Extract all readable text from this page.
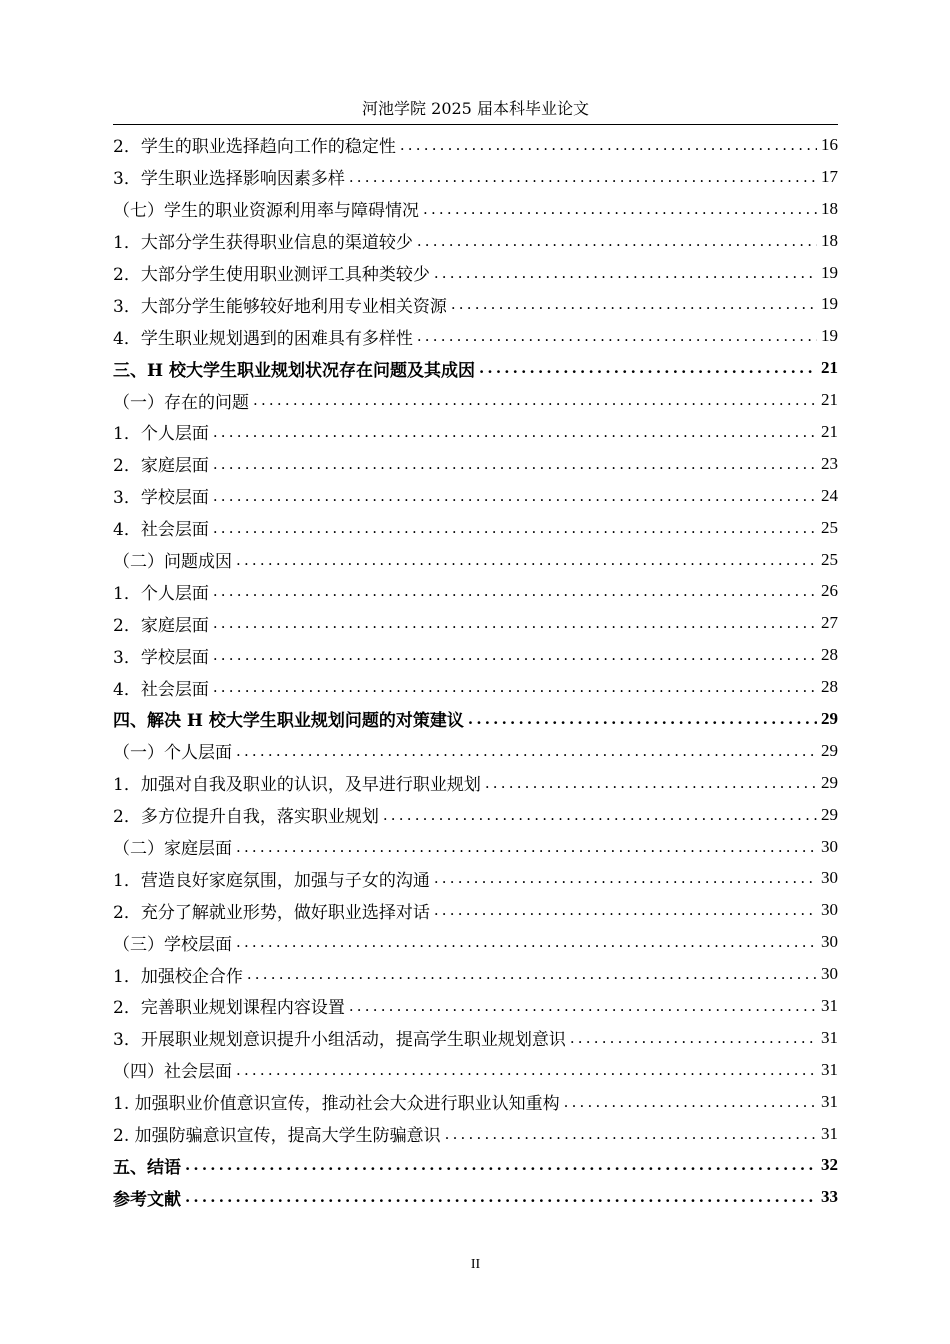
河池学院 2025 届本科毕业论文
2．学生的职业选择趋向工作的稳定性 .....	16
3．学生职业选择影响因素多样 .....	17
（七）学生的职业资源利用率与障碍情况 .....	18
1．大部分学生获得职业信息的渠道较少 .....	18
2．大部分学生使用职业测评工具种类较少 .....	19
3．大部分学生能够较好地利用专业相关资源 .....	19
4．学生职业规划遇到的困难具有多样性 .....	19
三、H 校大学生职业规划状况存在问题及其成因 .....	21
（一）存在的问题 .....	21
1．个人层面 .....	21
2．家庭层面 .....	23
3．学校层面 .....	24
4．社会层面 .....	25
（二）问题成因 .....	25
1．个人层面 .....	26
2．家庭层面 .....	27
3．学校层面 .....	28
4．社会层面 .....	28
四、解决 H 校大学生职业规划问题的对策建议 .....	29
（一）个人层面 .....	29
1．加强对自我及职业的认识，及早进行职业规划 .....	29
2．多方位提升自我，落实职业规划 .....	29
（二）家庭层面 .....	30
1．营造良好家庭氛围，加强与子女的沟通 .....	30
2．充分了解就业形势，做好职业选择对话 .....	30
（三）学校层面 .....	30
1．加强校企合作 .....	30
2．完善职业规划课程内容设置 .....	31
3．开展职业规划意识提升小组活动，提高学生职业规划意识 .....	31
（四）社会层面 .....	31
1. 加强职业价值意识宣传，推动社会大众进行职业认知重构 .....	31
2. 加强防骗意识宣传，提高大学生防骗意识 .....	31
五、结语 .....	32
参考文献 .....	33
II
